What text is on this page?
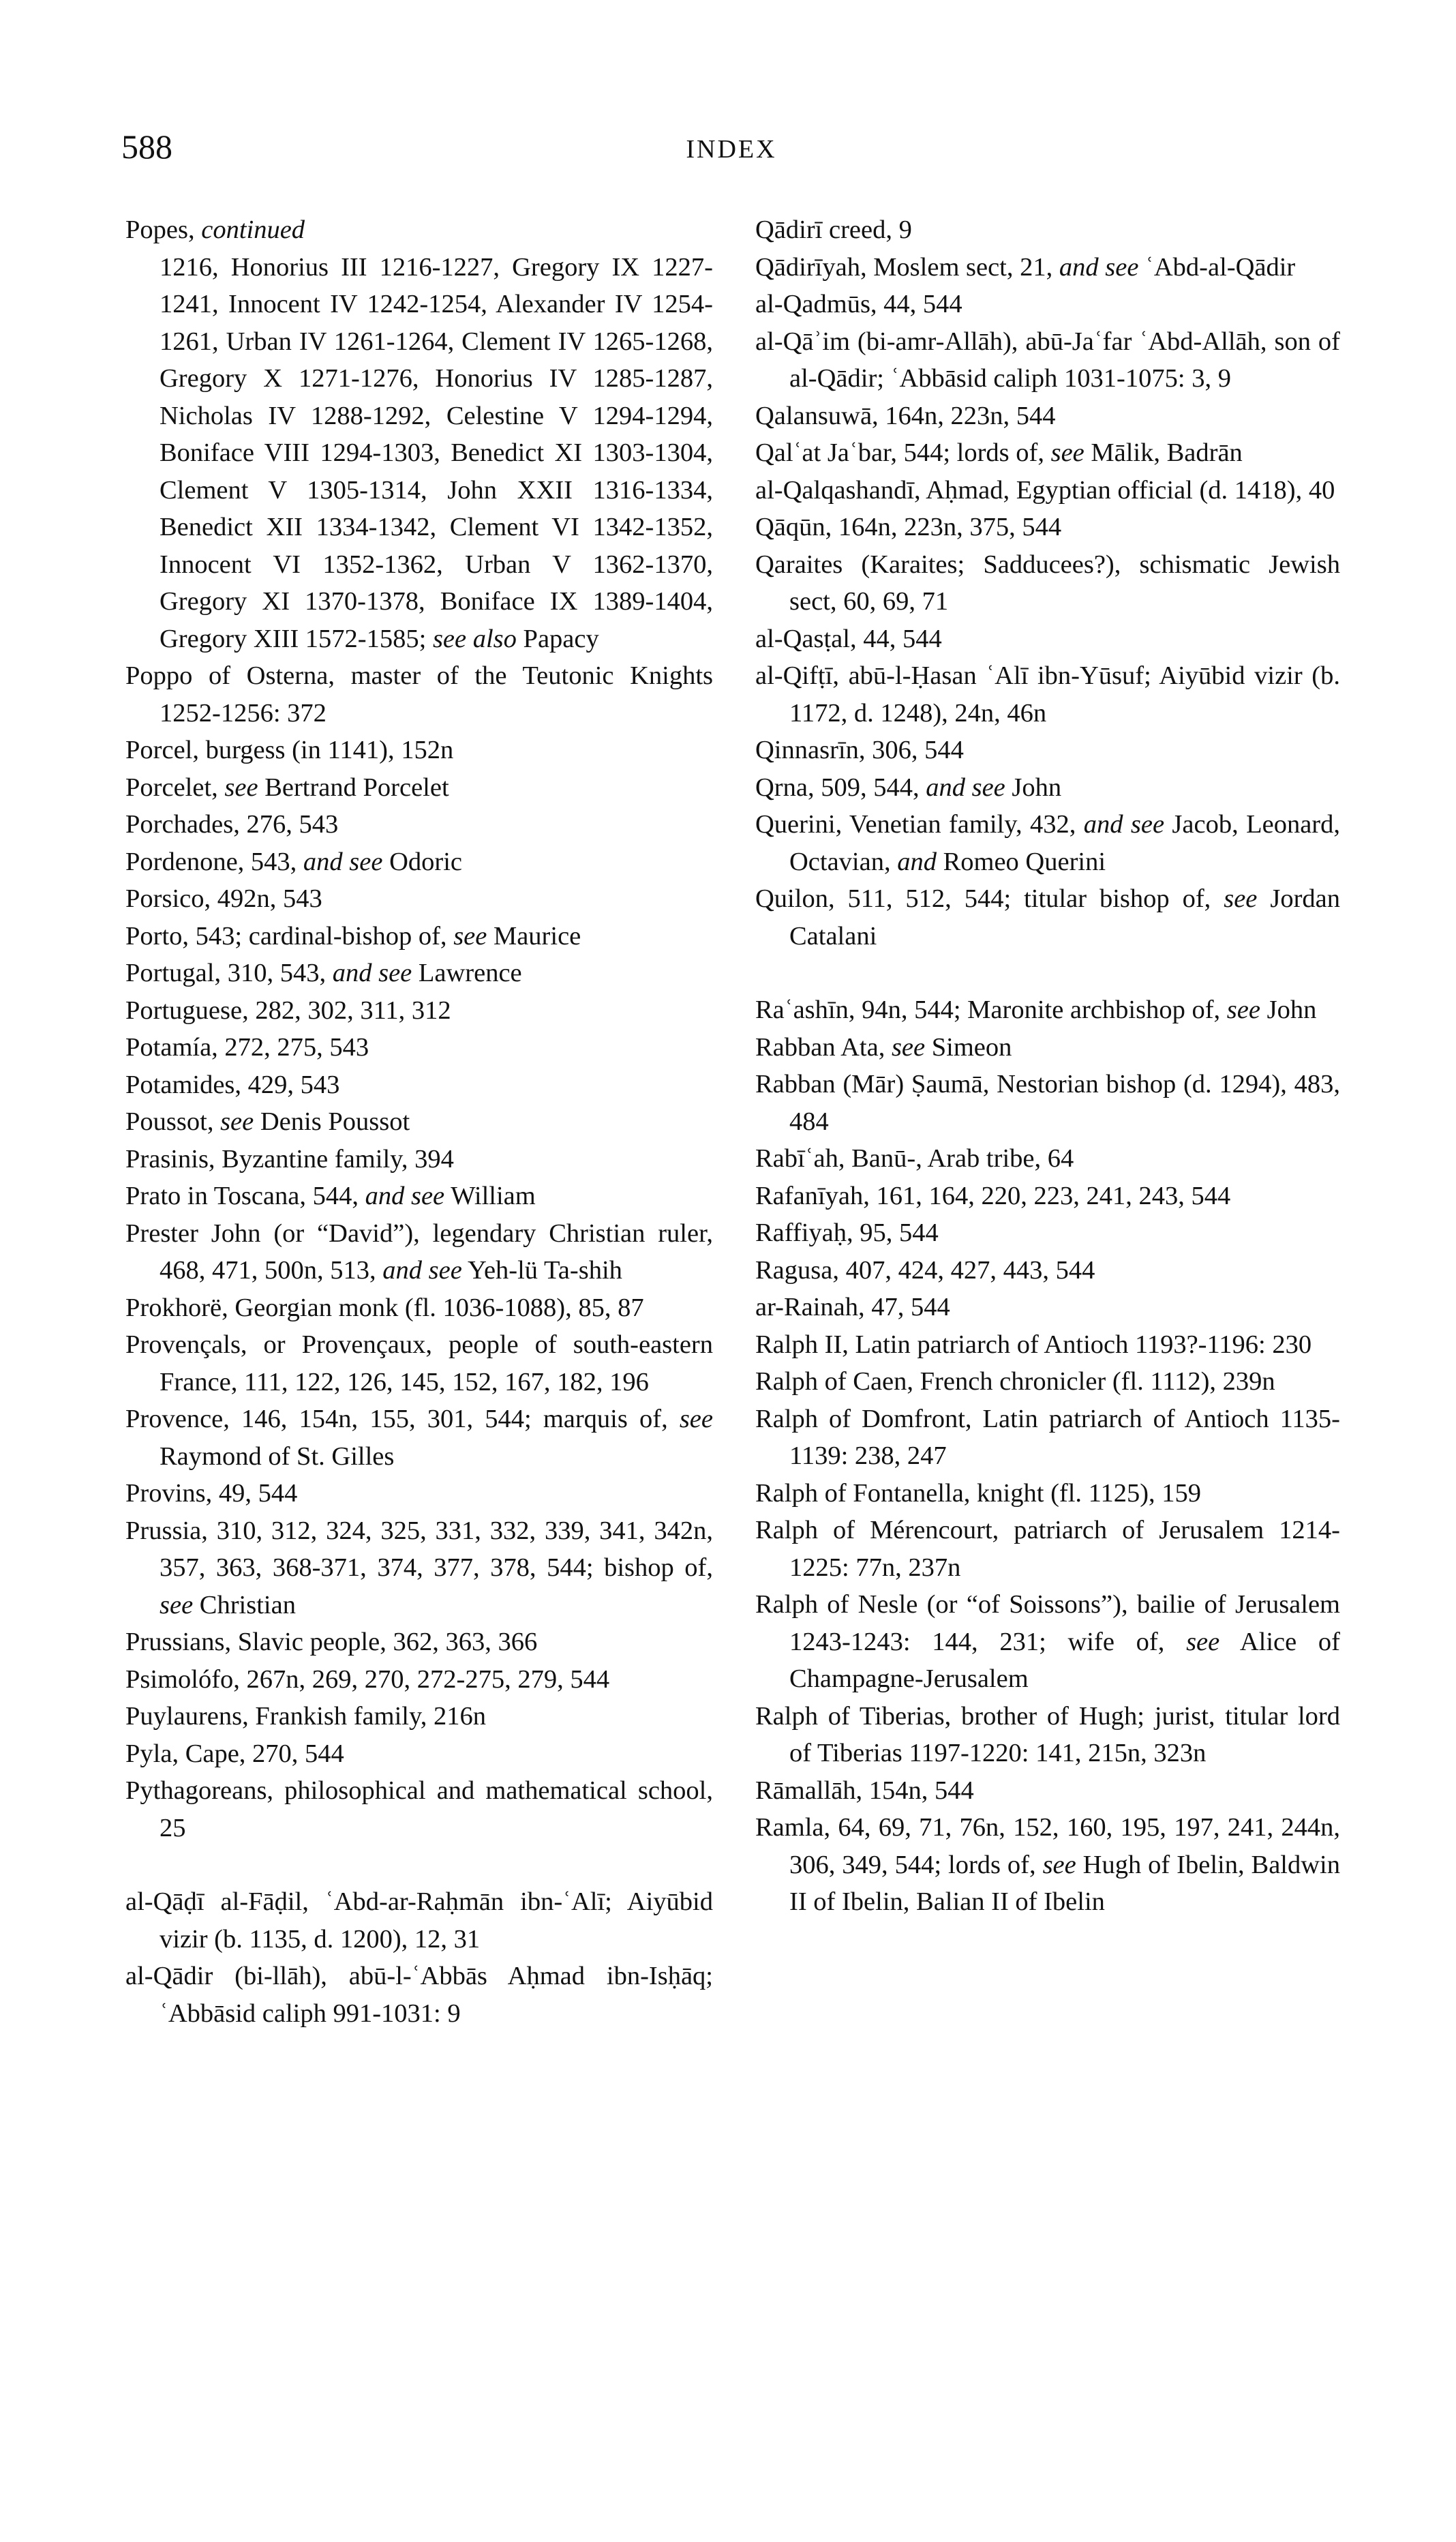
588	INDEX
Popes, continued
1216, Honorius III 1216-1227, Gregory IX 1227-1241, Innocent IV 1242-1254, Alexander IV 1254-1261, Urban IV 1261-1264, Clement IV 1265-1268, Gregory X 1271-1276, Honorius IV 1285-1287, Nicholas IV 1288-1292, Celestine V 1294-1294, Boniface VIII 1294-1303, Benedict XI 1303-1304, Clement V 1305-1314, John XXII 1316-1334, Benedict XII 1334-1342, Clement VI 1342-1352, Innocent VI 1352-1362, Urban V 1362-1370, Gregory XI 1370-1378, Boniface IX 1389-1404, Gregory XIII 1572-1585; see also Papacy
Poppo of Osterna, master of the Teutonic Knights 1252-1256: 372
Porcel, burgess (in 1141), 152n
Porcelet, see Bertrand Porcelet
Porchades, 276, 543
Pordenone, 543, and see Odoric
Porsico, 492n, 543
Porto, 543; cardinal-bishop of, see Maurice
Portugal, 310, 543, and see Lawrence
Portuguese, 282, 302, 311, 312
Potamía, 272, 275, 543
Potamides, 429, 543
Poussot, see Denis Poussot
Prasinis, Byzantine family, 394
Prato in Toscana, 544, and see William
Prester John (or “David”), legendary Christian ruler, 468, 471, 500n, 513, and see Yeh-lü Ta-shih
Prokhorë, Georgian monk (fl. 1036-1088), 85, 87
Provençals, or Provençaux, people of south-eastern France, 111, 122, 126, 145, 152, 167, 182, 196
Provence, 146, 154n, 155, 301, 544; marquis of, see Raymond of St. Gilles
Provins, 49, 544
Prussia, 310, 312, 324, 325, 331, 332, 339, 341, 342n, 357, 363, 368-371, 374, 377, 378, 544; bishop of, see Christian
Prussians, Slavic people, 362, 363, 366
Psimolófo, 267n, 269, 270, 272-275, 279, 544
Puylaurens, Frankish family, 216n
Pyla, Cape, 270, 544
Pythagoreans, philosophical and mathematical school, 25
al-Qāḍī al-Fāḍil, ʿAbd-ar-Raḥmān ibn-ʿAlī; Aiyūbid vizir (b. 1135, d. 1200), 12, 31
al-Qādir (bi-llāh), abū-l-ʿAbbās Aḥmad ibn-Isḥāq; ʿAbbāsid caliph 991-1031: 9
Qādirī creed, 9
Qādirīyah, Moslem sect, 21, and see ʿAbd-al-Qādir
al-Qadmūs, 44, 544
al-Qāʾim (bi-amr-Allāh), abū-Jaʿfar ʿAbd-Allāh, son of al-Qādir; ʿAbbāsid caliph 1031-1075: 3, 9
Qalansuwā, 164n, 223n, 544
Qalʿat Jaʿbar, 544; lords of, see Mālik, Badrān
al-Qalqashandī, Aḥmad, Egyptian official (d. 1418), 40
Qāqūn, 164n, 223n, 375, 544
Qaraites (Karaites; Sadducees?), schismatic Jewish sect, 60, 69, 71
al-Qasṭal, 44, 544
al-Qifṭī, abū-l-Ḥasan ʿAlī ibn-Yūsuf; Aiyūbid vizir (b. 1172, d. 1248), 24n, 46n
Qinnasrīn, 306, 544
Qrna, 509, 544, and see John
Querini, Venetian family, 432, and see Jacob, Leonard, Octavian, and Romeo Querini
Quilon, 511, 512, 544; titular bishop of, see Jordan Catalani
Raʿashīn, 94n, 544; Maronite archbishop of, see John
Rabban Ata, see Simeon
Rabban (Mār) Ṣaumā, Nestorian bishop (d. 1294), 483, 484
Rabīʿah, Banū-, Arab tribe, 64
Rafanīyah, 161, 164, 220, 223, 241, 243, 544
Raffiyaḥ, 95, 544
Ragusa, 407, 424, 427, 443, 544
ar-Rainah, 47, 544
Ralph II, Latin patriarch of Antioch 1193?-1196: 230
Ralph of Caen, French chronicler (fl. 1112), 239n
Ralph of Domfront, Latin patriarch of Antioch 1135-1139: 238, 247
Ralph of Fontanella, knight (fl. 1125), 159
Ralph of Mérencourt, patriarch of Jerusalem 1214-1225: 77n, 237n
Ralph of Nesle (or “of Soissons”), bailie of Jerusalem 1243-1243: 144, 231; wife of, see Alice of Champagne-Jerusalem
Ralph of Tiberias, brother of Hugh; jurist, titular lord of Tiberias 1197-1220: 141, 215n, 323n
Rāmallāh, 154n, 544
Ramla, 64, 69, 71, 76n, 152, 160, 195, 197, 241, 244n, 306, 349, 544; lords of, see Hugh of Ibelin, Baldwin II of Ibelin, Balian II of Ibelin
